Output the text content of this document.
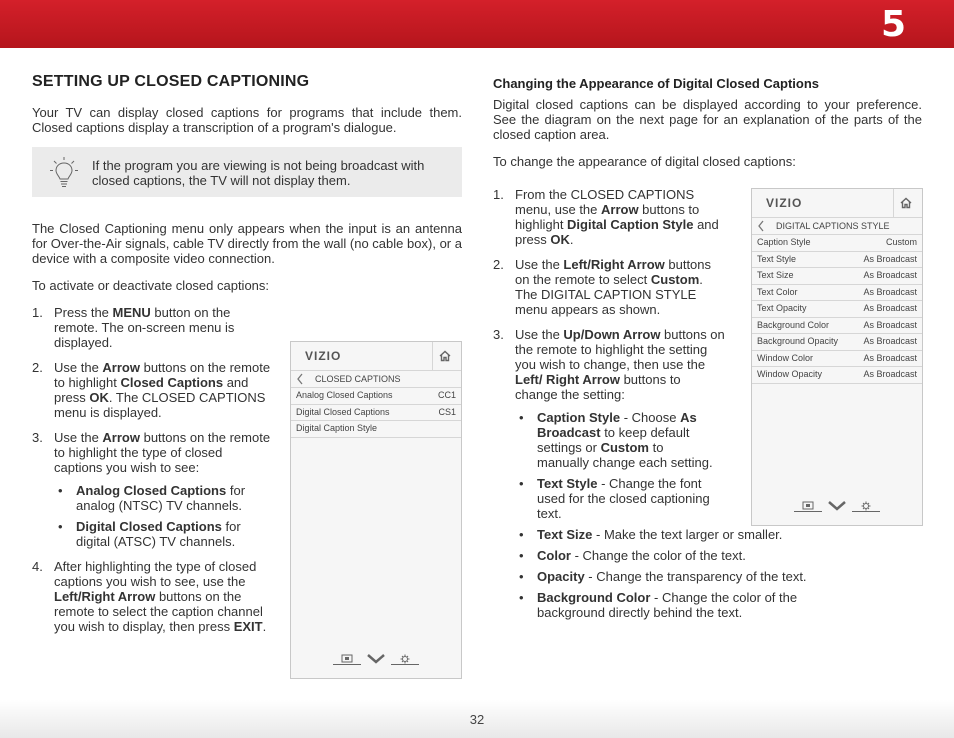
5
SETTING UP CLOSED CAPTIONING

Your TV can display closed captions for programs that include them. Closed captions display a transcription of a program's dialogue.

If the program you are viewing is not being broadcast with closed captions, the TV will not display them.

The Closed Captioning menu only appears when the input is an antenna for Over-the-Air signals, cable TV directly from the wall (no cable box), or a device with a composite video connection.

To activate or deactivate closed captions:

1. Press the MENU button on the remote. The on-screen menu is displayed.
2. Use the Arrow buttons on the remote to highlight Closed Captions and press OK. The CLOSED CAPTIONS menu is displayed.
3. Use the Arrow buttons on the remote to highlight the type of closed captions you wish to see:
• Analog Closed Captions for analog (NTSC) TV channels.
• Digital Closed Captions for digital (ATSC) TV channels.
4. After highlighting the type of closed captions you wish to see, use the Left/Right Arrow buttons on the remote to select the caption channel you wish to display, then press EXIT.
VIZIO
CLOSED CAPTIONS
Analog Closed Captions	CC1
Digital Closed Captions	CS1
Digital Caption Style

Changing the Appearance of Digital Closed Captions

Digital closed captions can be displayed according to your preference. See the diagram on the next page for an explanation of the parts of the closed caption area.

To change the appearance of digital closed captions:

1. From the CLOSED CAPTIONS menu, use the Arrow buttons to highlight Digital Caption Style and press OK.
2. Use the Left/Right Arrow buttons on the remote to select Custom. The DIGITAL CAPTION STYLE menu appears as shown.
3. Use the Up/Down Arrow buttons on the remote to highlight the setting you wish to change, then use the Left/ Right Arrow buttons to change the setting:
• Caption Style - Choose As Broadcast to keep default settings or Custom to manually change each setting.
• Text Style - Change the font used for the closed captioning text.
• Text Size - Make the text larger or smaller.
• Color - Change the color of the text.
• Opacity - Change the transparency of the text.
• Background Color - Change the color of the background directly behind the text.
VIZIO
DIGITAL CAPTIONS STYLE
Caption Style	Custom
Text Style	As Broadcast
Text Size	As Broadcast
Text Color	As Broadcast
Text Opacity	As Broadcast
Background Color	As Broadcast
Background Opacity	As Broadcast
Window Color	As Broadcast
Window Opacity	As Broadcast

32
